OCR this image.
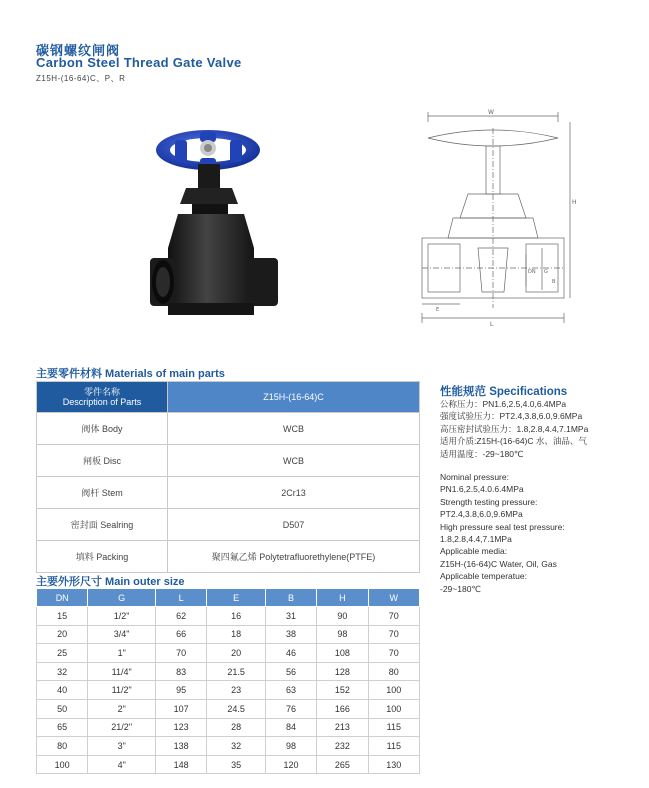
碳钢螺纹闸阀
Carbon Steel Thread Gate Valve
Z15H-(16-64)C、P、R
W
H
DN G
B
E
L
主要零件材料 Materials of main parts
零件名称
Description of Parts	Z15H-(16-64)C
阀体 Body	WCB
闸板 Disc	WCB
阀杆 Stem	2Cr13
密封面 Sealring	D507
填料 Packing	聚四氟乙烯 Polytetrafluorethylene(PTFE)
主要外形尺寸 Main outer size
DN	G	L	E	B	H	W
15	1/2"	62	16	31	90	70
20	3/4"	66	18	38	98	70
25	1"	70	20	46	108	70
32	11/4"	83	21.5	56	128	80
40	11/2"	95	23	63	152	100
50	2"	107	24.5	76	166	100
65	21/2"	123	28	84	213	115
80	3"	138	32	98	232	115
100	4"	148	35	120	265	130
性能规范 Specifications
公称压力：PN1.6,2.5,4.0,6.4MPa
强度试验压力：PT2.4,3.8,6.0,9.6MPa
高压密封试验压力：1.8,2.8,4.4,7.1MPa
适用介质:Z15H-(16-64)C 水、油品、气
适用温度：-29~180℃
Nominal pressure:
PN1.6,2.5,4.0.6.4MPa
Strength testing pressure:
PT2.4,3.8,6.0,9.6MPa
High pressure seal test pressure:
1.8,2.8,4.4,7.1MPa
Applicable media:
Z15H-(16-64)C Water, Oil, Gas
Applicable temperatue:
-29~180℃
